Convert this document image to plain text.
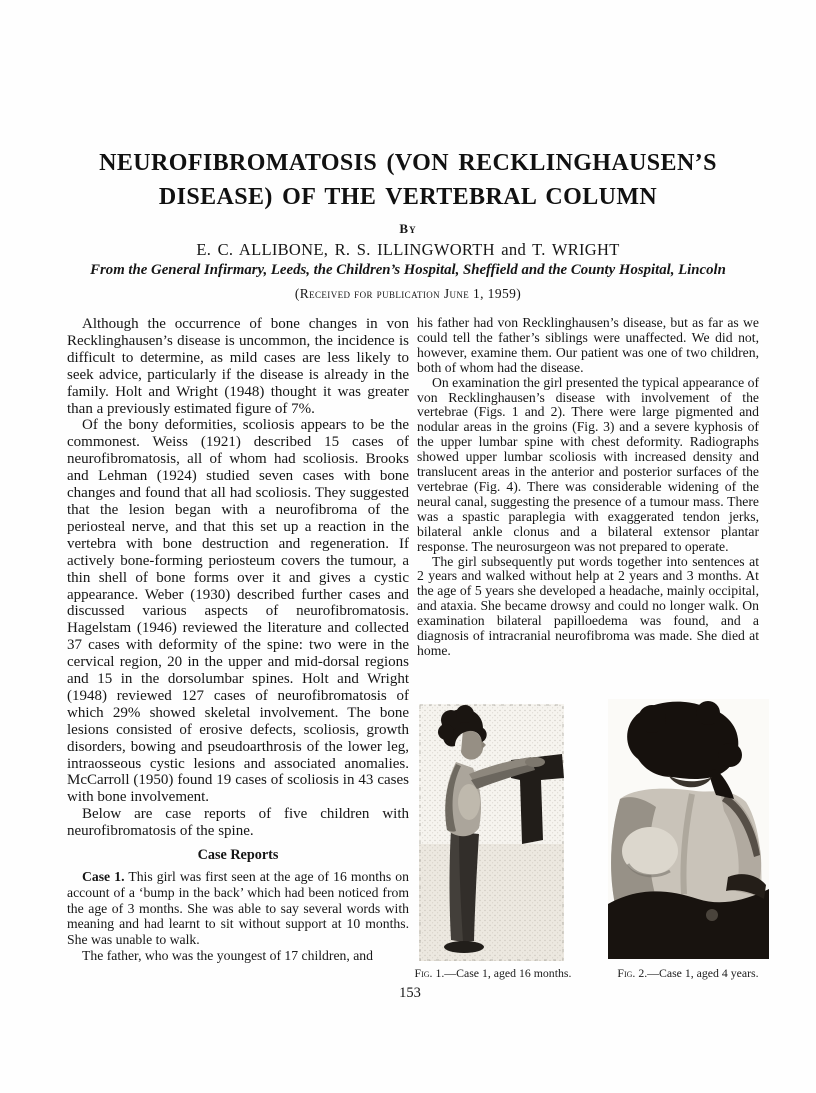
NEUROFIBROMATOSIS (VON RECKLINGHAUSEN’S
DISEASE) OF THE VERTEBRAL COLUMN
By
E. C. ALLIBONE, R. S. ILLINGWORTH and T. WRIGHT
From the General Infirmary, Leeds, the Children’s Hospital, Sheffield and the County Hospital, Lincoln
(Received for publication June 1, 1959)

Although the occurrence of bone changes in von Recklinghausen’s disease is uncommon, the incidence is difficult to determine, as mild cases are less likely to seek advice, particularly if the disease is already in the family. Holt and Wright (1948) thought it was greater than a previously estimated figure of 7%.

Of the bony deformities, scoliosis appears to be the commonest. Weiss (1921) described 15 cases of neurofibromatosis, all of whom had scoliosis. Brooks and Lehman (1924) studied seven cases with bone changes and found that all had scoliosis. They suggested that the lesion began with a neurofibroma of the periosteal nerve, and that this set up a reaction in the vertebra with bone destruction and regeneration. If actively bone-forming periosteum covers the tumour, a thin shell of bone forms over it and gives a cystic appearance. Weber (1930) described further cases and discussed various aspects of neurofibromatosis. Hagelstam (1946) reviewed the literature and collected 37 cases with deformity of the spine: two were in the cervical region, 20 in the upper and mid-dorsal regions and 15 in the dorsolumbar spines. Holt and Wright (1948) reviewed 127 cases of neurofibromatosis of which 29% showed skeletal involvement. The bone lesions consisted of erosive defects, scoliosis, growth disorders, bowing and pseudoarthrosis of the lower leg, intraosseous cystic lesions and associated anomalies. McCarroll (1950) found 19 cases of scoliosis in 43 cases with bone involvement.

Below are case reports of five children with neurofibromatosis of the spine.

Case Reports

Case 1. This girl was first seen at the age of 16 months on account of a ‘bump in the back’ which had been noticed from the age of 3 months. She was able to say several words with meaning and had learnt to sit without support at 10 months. She was unable to walk.

The father, who was the youngest of 17 children, and

his father had von Recklinghausen’s disease, but as far as we could tell the father’s siblings were unaffected. We did not, however, examine them. Our patient was one of two children, both of whom had the disease.

On examination the girl presented the typical appearance of von Recklinghausen’s disease with involvement of the vertebrae (Figs. 1 and 2). There were large pigmented and nodular areas in the groins (Fig. 3) and a severe kyphosis of the upper lumbar spine with chest deformity. Radiographs showed upper lumbar scoliosis with increased density and translucent areas in the anterior and posterior surfaces of the vertebrae (Fig. 4). There was considerable widening of the neural canal, suggesting the presence of a tumour mass. There was a spastic paraplegia with exaggerated tendon jerks, bilateral ankle clonus and a bilateral extensor plantar response. The neurosurgeon was not prepared to operate.

The girl subsequently put words together into sentences at 2 years and walked without help at 2 years and 3 months. At the age of 5 years she developed a headache, mainly occipital, and ataxia. She became drowsy and could no longer walk. On examination bilateral papilloedema was found, and a diagnosis of intracranial neurofibroma was made. She died at home.

Fig. 1.—Case 1, aged 16 months.	Fig. 2.—Case 1, aged 4 years.
153
